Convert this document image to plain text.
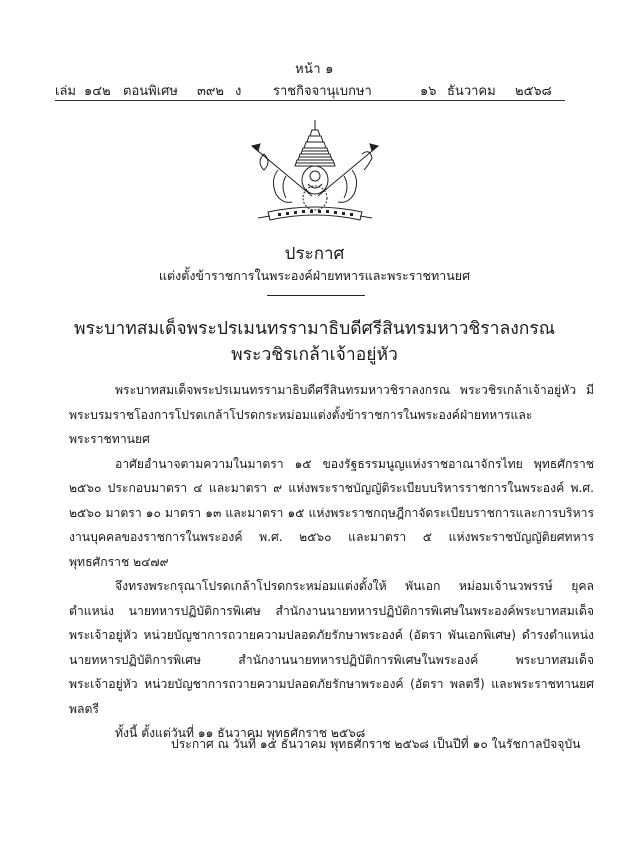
หน้า ๑
เล่ม ๑๔๒ ตอนพิเศษ ๓๙๒ ง ราชกิจจานุเบกษา	๑๖ ธันวาคม ๒๕๖๘
ประกาศ
แต่งตั้งข้าราชการในพระองค์ฝ่ายทหารและพระราชทานยศ
พระบาทสมเด็จพระปรเมนทรรามาธิบดีศรีสินทรมหาวชิราลงกรณ
พระวชิรเกล้าเจ้าอยู่หัว

พระบาทสมเด็จพระปรเมนทรรามาธิบดีศรีสินทรมหาวชิราลงกรณ พระวชิรเกล้าเจ้าอยู่หัว มีพระบรมราชโองการโปรดเกล้าโปรดกระหม่อมแต่งตั้งข้าราชการในพระองค์ฝ่ายทหารและพระราชทานยศ

อาศัยอำนาจตามความในมาตรา ๑๕ ของรัฐธรรมนูญแห่งราชอาณาจักรไทย พุทธศักราช ๒๕๖๐ ประกอบมาตรา ๔ และมาตรา ๙ แห่งพระราชบัญญัติระเบียบบริหารราชการในพระองค์ พ.ศ. ๒๕๖๐ มาตรา ๑๐ มาตรา ๑๓ และมาตรา ๑๕ แห่งพระราชกฤษฎีกาจัดระเบียบราชการและการบริหารงานบุคคลของราชการในพระองค์ พ.ศ. ๒๕๖๐ และมาตรา ๕ แห่งพระราชบัญญัติยศทหาร พุทธศักราช ๒๔๗๙

จึงทรงพระกรุณาโปรดเกล้าโปรดกระหม่อมแต่งตั้งให้ พันเอก หม่อมเจ้านวพรรษ์ ยุคล ตำแหน่ง นายทหารปฏิบัติการพิเศษ สำนักงานนายทหารปฏิบัติการพิเศษในพระองค์พระบาทสมเด็จพระเจ้าอยู่หัว หน่วยบัญชาการถวายความปลอดภัยรักษาพระองค์ (อัตรา พันเอกพิเศษ) ดำรงตำแหน่ง นายทหารปฏิบัติการพิเศษ สำนักงานนายทหารปฏิบัติการพิเศษในพระองค์ พระบาทสมเด็จพระเจ้าอยู่หัว หน่วยบัญชาการถวายความปลอดภัยรักษาพระองค์ (อัตรา พลตรี) และพระราชทานยศ พลตรี

ทั้งนี้ ตั้งแต่วันที่ ๑๑ ธันวาคม พุทธศักราช ๒๕๖๘

ประกาศ ณ วันที่ ๑๕ ธันวาคม พุทธศักราช ๒๕๖๘ เป็นปีที่ ๑๐ ในรัชกาลปัจจุบัน
